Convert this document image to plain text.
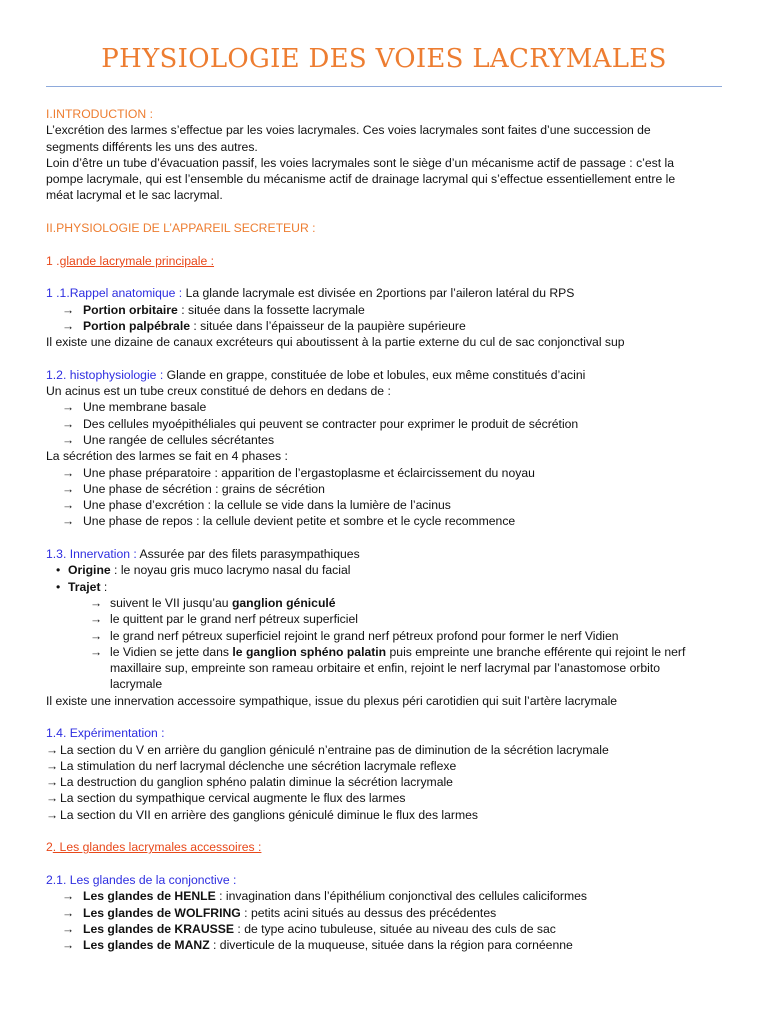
PHYSIOLOGIE DES VOIES LACRYMALES
I.INTRODUCTION :
L’excrétion des larmes s’effectue par les voies lacrymales. Ces voies lacrymales sont faites d’une succession de
segments différents les uns des autres.
Loin d’être un tube d’évacuation passif, les voies lacrymales sont le siège d’un mécanisme actif de passage : c’est la
pompe lacrymale, qui est l’ensemble du mécanisme actif de drainage lacrymal qui s’effectue essentiellement entre le
méat lacrymal et le sac lacrymal.
II.PHYSIOLOGIE DE L’APPAREIL SECRETEUR :
1 .glande lacrymale principale :
1 .1.Rappel anatomique : La glande lacrymale est divisée en 2portions par l’aileron latéral du RPS
→ Portion orbitaire : située dans la fossette lacrymale
→ Portion palpébrale : située dans l’épaisseur de la paupière supérieure
Il existe une dizaine de canaux excréteurs qui aboutissent à la partie externe du cul de sac conjonctival sup
1.2. histophysiologie : Glande en grappe, constituée de lobe et lobules, eux même constitués d’acini
Un acinus est un tube creux constitué de dehors en dedans de :
→ Une membrane basale
→ Des cellules myoépithéliales qui peuvent se contracter pour exprimer le produit de sécrétion
→ Une rangée de cellules sécrétantes
La sécrétion des larmes se fait en 4 phases :
→ Une phase préparatoire : apparition de l’ergastoplasme et éclaircissement du noyau
→ Une phase de sécrétion : grains de sécrétion
→ Une phase d’excrétion : la cellule se vide dans la lumière de l’acinus
→ Une phase de repos : la cellule devient petite et sombre et le cycle recommence
1.3. Innervation : Assurée par des filets parasympathiques
• Origine : le noyau gris muco lacrymo nasal du facial
• Trajet :
→ suivent le VII jusqu’au ganglion géniculé
→ le quittent par le grand nerf pétreux superficiel
→ le grand nerf pétreux superficiel rejoint le grand nerf pétreux profond pour former le nerf Vidien
→ le Vidien se jette dans le ganglion sphéno palatin puis empreinte une branche efférente qui rejoint le nerf
maxillaire sup, empreinte son rameau orbitaire et enfin, rejoint le nerf lacrymal par l’anastomose orbito
lacrymale
Il existe une innervation accessoire sympathique, issue du plexus péri carotidien qui suit l’artère lacrymale
1.4. Expérimentation :
→ La section du V en arrière du ganglion géniculé n’entraine pas de diminution de la sécrétion lacrymale
→ La stimulation du nerf lacrymal déclenche une sécrétion lacrymale reflexe
→ La destruction du ganglion sphéno palatin diminue la sécrétion lacrymale
→ La section du sympathique cervical augmente le flux des larmes
→ La section du VII en arrière des ganglions géniculé diminue le flux des larmes
2. Les glandes lacrymales accessoires :
2.1. Les glandes de la conjonctive :
→ Les glandes de HENLE : invagination dans l’épithélium conjonctival des cellules caliciformes
→ Les glandes de WOLFRING : petits acini situés au dessus des précédentes
→ Les glandes de KRAUSSE : de type acino tubuleuse, située au niveau des culs de sac
→ Les glandes de MANZ : diverticule de la muqueuse, située dans la région para cornéenne
